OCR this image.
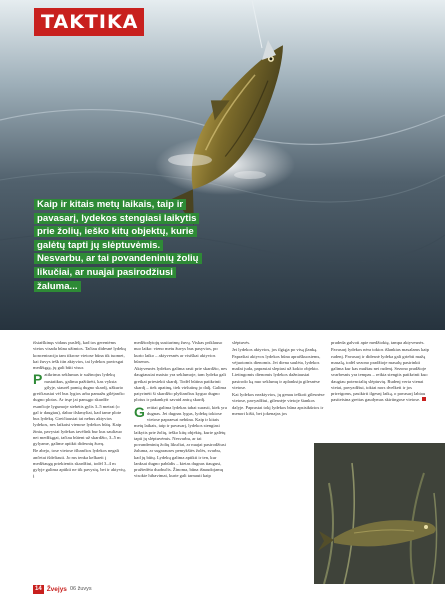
TAKTIKA
Kaip ir kitais metų laikais, taip ir pavasarį, lydekos stengiasi laikytis prie žolių, ieško kitų objektų, kurie galėtų tapti jų slėptuvėmis. Nesvarbu, ar tai povandeninių žolių likučiai, ar nuajai pasirodžiusi žaluma...

išsiaiškinęs vidaus puslėlį, kad tos gereniėms vietos visada būna užimtos. Tačiau didesnė lydekų koncentracija tam tikrose vietose būna tik tuomet, kai žuvys iešk itin aktyvios, tai lydekos pavirsgai medžiągą, jų gali būti visur.

Patikrinus seklumas ir sužinojus lydekų nustatikus, galima pažiūrėti, kas vyksta gilyje, siaurėl pamią dugno skardį, užkurio greičiausiai vėl bus lygios arba pamažu gilėjančio dugno plotas. Ar ieąe jai pamągo skardže esančioje lygumoje stebėtis gylis 3–5 metrai (o gal ir daugiau), dabar ilskmyliai, kad tame plote bus lydekų. Greičiausiai tai nebus aktyvios lydekos, nes laikatsi vienose lydekos būtų. Kaip žinia, pavysiai lydekas iavėlink bur kus saulizuo nei medžiągai, tačiau būtent už skardžio, 3–5 m gylyame, galime aptikti didesnių žuvų.

Be abejo, tose vietose išbančios lydekos negali ančetai išdeliauti. Jo ms tenka kelkaeit į medžiaugę priekientis skardžiui, todėl 3–4 m gylyje galima aptikti ne tik pavysių, bei ir aktyvių, į

medžiodytojų susitarimų žuvų. Viskas priklauso nuo laiko: vieno metu žuvys bus pasyvios, po kurio laiko – aktyvesnės ar visiškai aktyvios būsenos.

Aktyvesnės lydekos galima rasti prie skardžio, nes daugiausiai maisto yra seklumoje, tam lydeka gali greikai priesiekti skardį. Todėl būtina patikrinti skardį – tiek apatinę, tiek viršutinę jo dalį. Galima patyrinėti ši skardžio plyštančius kyguo dugno plotus ir pakankyti savaid antrą skardį.

Greitiai galima lydekas tabai surasti, kiek yra dugnas. Jei dugnas lygus, lydekų tokiose vietose papraesai nebūna. Kaip ir kitais metų laikais, taip ir pavasarį, lydekos stengiasi laikytis prie žolių, ieško kitų objektų, kurie galėtų tapti jų slėptuvėmis. Nesvarbu, ar tai povandeninių žolių likučiai, ar nuajai pasirodžiusi žaluma, ar sugarauses pemykštės žolės, svarbu, kad jų būtų. Lydekų galima aptikti ir ten, kur lanksai dugno pabūdis – kietas dugnas tiaugusi, pražiedėta duobučis. Žinoma, būna išnaudojamų visokie hibavimai, kurie gali tarnauti kaip

slėptuvės.

Jei lydekos aktyvios, jos ilgiąja po visą įlanką. Papraštai aktyvos lydekos būna apraiškuosiems, vėjuotomis dienomis. Jei diena saulėta, lydekos mažai juda, paprastai slepiasi už kokio objekto. Lietingomis dienomis lydekos dažniausiai pasirodo ką nuo seklumų ir aplankstja gilesnėse vietose.

Kai lydekos neaktyvios, jų genau ieškoti gilesnėse vietose, pavyzdžiui, gilesnėje vietoje šiankos dalyje. Paprastai tokį lydekos būna apsisikūrios ir menori kišti, bet jokenajas jos

pradeda galvoti apie medžiokię, tampa aktyvesnės.

Pavasarį lydekos nėra tokios išlankias masalams kaip rudenį. Pavasarį ir didesnė lydeka gali griebti mažą masalą, todėl sezono pradžioje masalų pasirinkti galima kur kas mažiau nei rudenį. Sezono pradžioje svarbesnis yra tempas – reikia stengtis patikrinti kuo daugiau potencialių slėptuvių. Rudenį verta vienai vietai, pavyzdžiui, tokiai nors dvelketi ir jos prireigoms, pasikirti ilgesnį laiką, o pavasarį labiau pasiteisina greitas gaudymas skirtingose vietose.

14 Žvejys 06 žuvys
